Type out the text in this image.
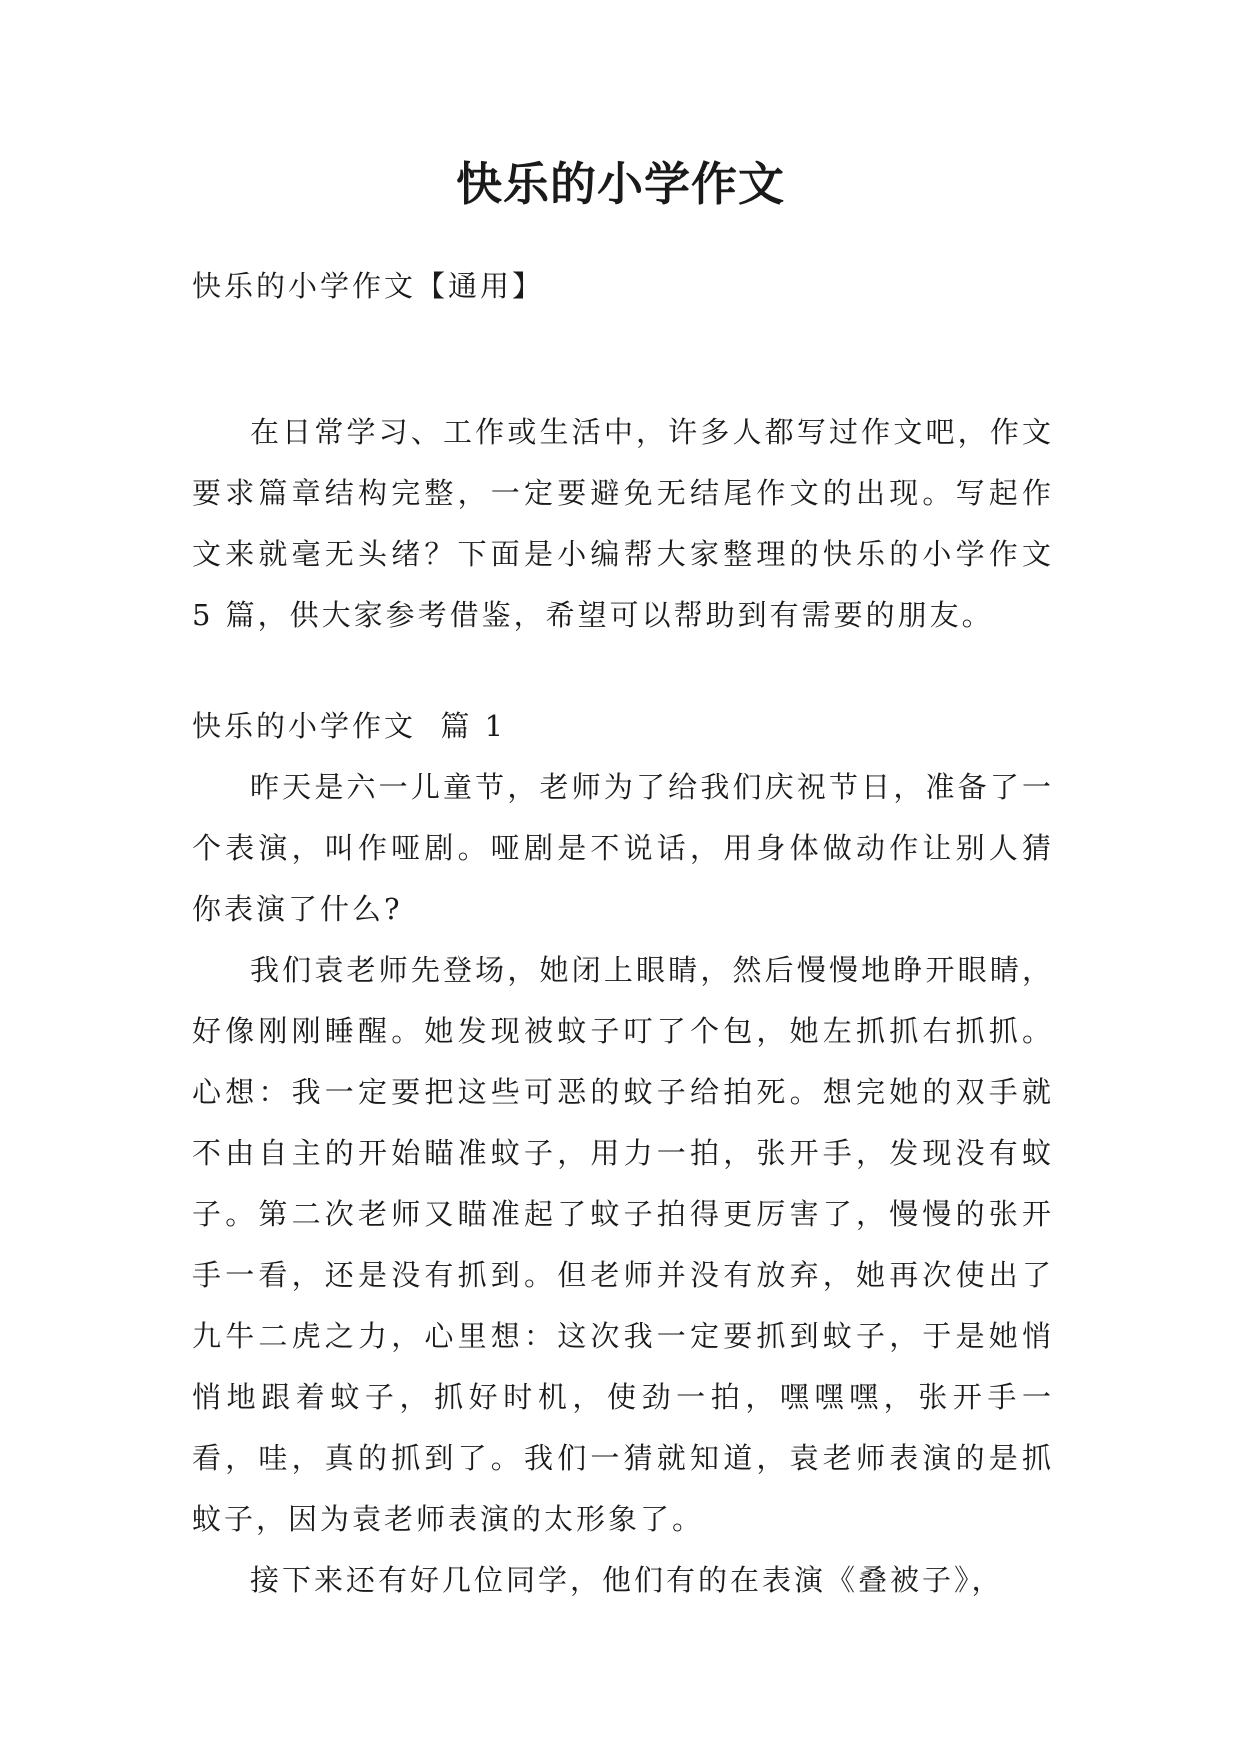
快乐的小学作文
快乐的小学作文【通用】

在日常学习、工作或生活中，许多人都写过作文吧，作文要求篇章结构完整，一定要避免无结尾作文的出现。写起作文来就毫无头绪？下面是小编帮大家整理的快乐的小学作文 5 篇，供大家参考借鉴，希望可以帮助到有需要的朋友。

快乐的小学作文  篇 1

昨天是六一儿童节，老师为了给我们庆祝节日，准备了一个表演，叫作哑剧。哑剧是不说话，用身体做动作让别人猜你表演了什么?

我们袁老师先登场，她闭上眼睛，然后慢慢地睁开眼睛，好像刚刚睡醒。她发现被蚊子叮了个包，她左抓抓右抓抓。心想：我一定要把这些可恶的蚊子给拍死。想完她的双手就不由自主的开始瞄准蚊子，用力一拍，张开手，发现没有蚊子。第二次老师又瞄准起了蚊子拍得更厉害了，慢慢的张开手一看，还是没有抓到。但老师并没有放弃，她再次使出了九牛二虎之力，心里想：这次我一定要抓到蚊子，于是她悄悄地跟着蚊子，抓好时机，使劲一拍，嘿嘿嘿，张开手一看，哇，真的抓到了。我们一猜就知道，袁老师表演的是抓蚊子，因为袁老师表演的太形象了。

接下来还有好几位同学，他们有的在表演《叠被子》，
